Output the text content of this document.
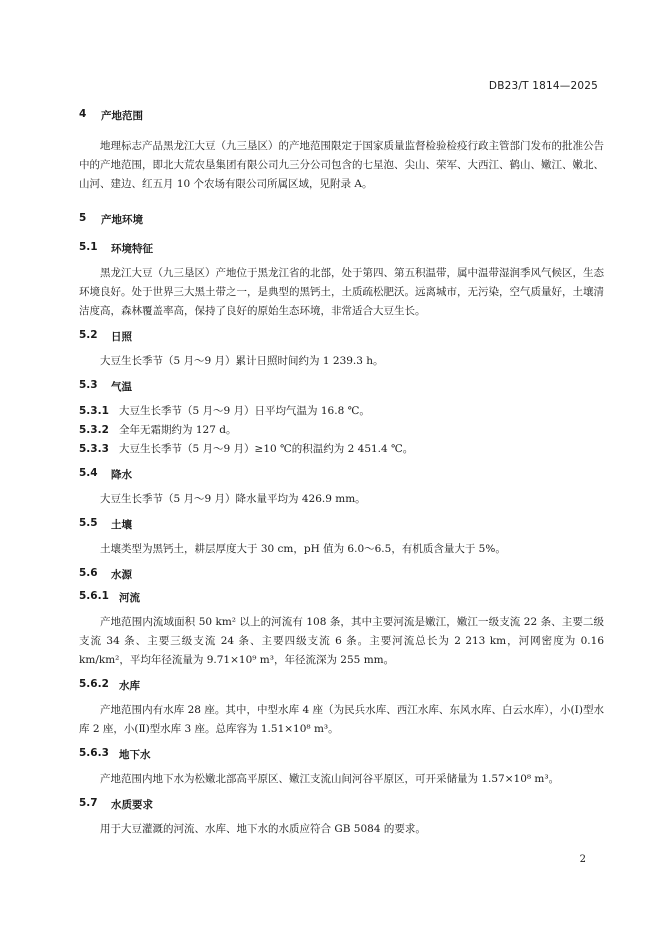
DB23/T 1814—2025
4	产地范围
地理标志产品黑龙江大豆（九三垦区）的产地范围限定于国家质量监督检验检疫行政主管部门发布的批准公告中的产地范围，即北大荒农垦集团有限公司九三分公司包含的七星泡、尖山、荣军、大西江、鹤山、嫩江、嫩北、山河、建边、红五月 10 个农场有限公司所属区域，见附录 A。
5	产地环境
5.1	环境特征
黑龙江大豆（九三垦区）产地位于黑龙江省的北部，处于第四、第五积温带，属中温带湿润季风气候区，生态环境良好。处于世界三大黑土带之一，是典型的黑钙土，土质疏松肥沃。远离城市，无污染，空气质量好，土壤清洁度高，森林覆盖率高，保持了良好的原始生态环境，非常适合大豆生长。
5.2	日照
大豆生长季节（5 月～9 月）累计日照时间约为 1 239.3 h。
5.3	气温
5.3.1 大豆生长季节（5 月～9 月）日平均气温为 16.8 ℃。
5.3.2 全年无霜期约为 127 d。
5.3.3 大豆生长季节（5 月～9 月）≥10 ℃的积温约为 2 451.4 ℃。
5.4	降水
大豆生长季节（5 月～9 月）降水量平均为 426.9 mm。
5.5	土壤
土壤类型为黑钙土，耕层厚度大于 30 cm，pH 值为 6.0～6.5，有机质含量大于 5%。
5.6	水源
5.6.1 河流
产地范围内流域面积 50 km² 以上的河流有 108 条，其中主要河流是嫩江，嫩江一级支流 22 条、主要二级支流 34 条、主要三级支流 24 条、主要四级支流 6 条。主要河流总长为 2 213 km，河网密度为 0.16 km/km²，平均年径流量为 9.71×10⁹ m³，年径流深为 255 mm。
5.6.2 水库
产地范围内有水库 28 座。其中，中型水库 4 座（为民兵水库、西江水库、东风水库、白云水库），小(Ⅰ)型水库 2 座，小(Ⅱ)型水库 3 座。总库容为 1.51×10⁸ m³。
5.6.3 地下水
产地范围内地下水为松嫩北部高平原区、嫩江支流山间河谷平原区，可开采储量为 1.57×10⁸ m³。
5.7	水质要求
用于大豆灌溉的河流、水库、地下水的水质应符合 GB 5084 的要求。
2
